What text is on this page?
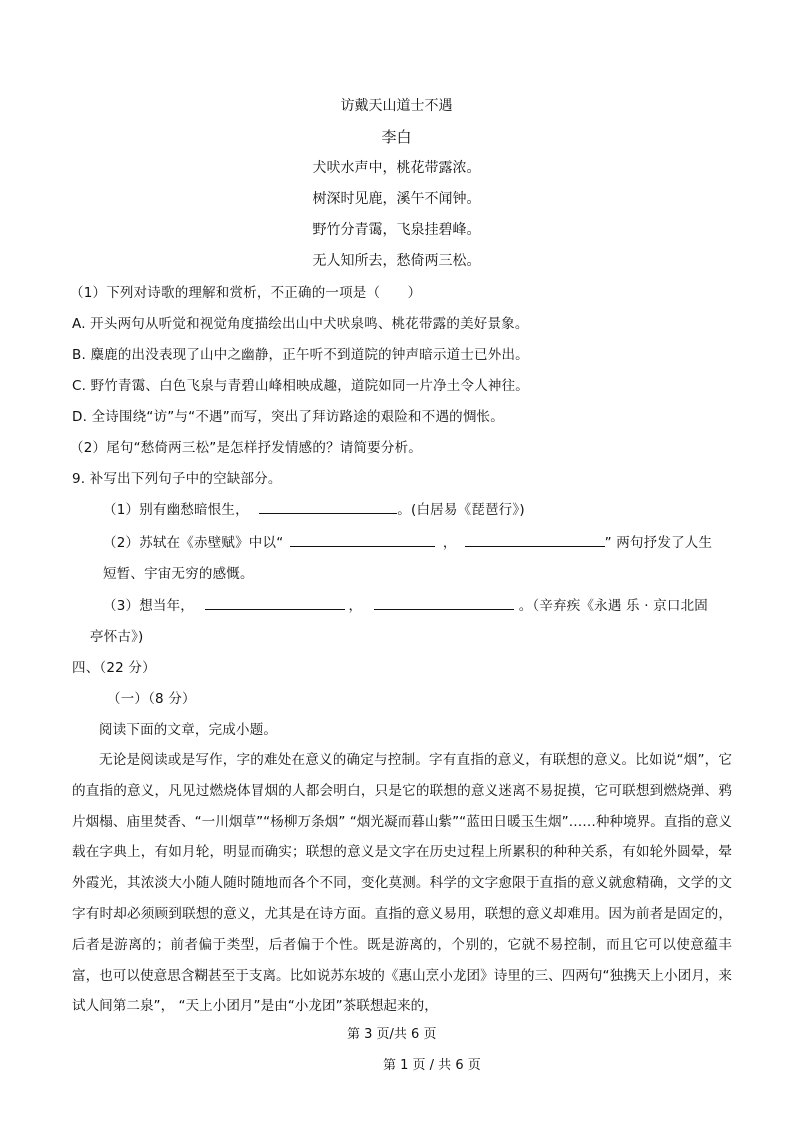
访戴天山道士不遇
李白
犬吠水声中，桃花带露浓。
树深时见鹿，溪午不闻钟。
野竹分青霭，飞泉挂碧峰。
无人知所去，愁倚两三松。
（1）下列对诗歌的理解和赏析，不正确的一项是（　　）
A. 开头两句从听觉和视觉角度描绘出山中犬吠泉鸣、桃花带露的美好景象。
B. 麋鹿的出没表现了山中之幽静，正午听不到道院的钟声暗示道士已外出。
C. 野竹青霭、白色飞泉与青碧山峰相映成趣，道院如同一片净土令人神往。
D. 全诗围绕“访”与“不遇”而写，突出了拜访路途的艰险和不遇的惆怅。
（2）尾句“愁倚两三松”是怎样抒发情感的？请简要分析。
9. 补写出下列句子中的空缺部分。
（1）别有幽愁暗恨生，	。(白居易《琵琶行》)
（2）苏轼在《赤壁赋》中以“	，	” 两句抒发了人生
短暂、宇宙无穷的感慨。
（3）想当年，	，	。（辛弃疾《永遇 乐 · 京口北固
亭怀古》)
四、（22 分）
（一）（8 分）
阅读下面的文章，完成小题。
无论是阅读或是写作，字的难处在意义的确定与控制。字有直指的意义，有联想的意义。比如说“烟”，它的直指的意义，凡见过燃烧体冒烟的人都会明白，只是它的联想的意义迷离不易捉摸，它可联想到燃烧弹、鸦片烟榻、庙里焚香、“一川烟草”“杨柳万条烟” “烟光凝而暮山紫”“蓝田日暖玉生烟”……种种境界。直指的意义载在字典上，有如月轮，明显而确实；联想的意义是文字在历史过程上所累积的种种关系，有如轮外圆晕，晕外霞光，其浓淡大小随人随时随地而各个不同，变化莫测。科学的文字愈限于直指的意义就愈精确，文学的文字有时却必须顾到联想的意义，尤其是在诗方面。直指的意义易用，联想的意义却难用。因为前者是固定的，后者是游离的；前者偏于类型，后者偏于个性。既是游离的，个别的，它就不易控制，而且它可以使意蕴丰富，也可以使意思含糊甚至于支离。比如说苏东坡的《惠山烹小龙团》诗里的三、四两句“独携天上小团月，来试人间第二泉”， “天上小团月”是由“小龙团”茶联想起来的，
第 3 页/共 6 页
第 1 页 / 共 6 页
